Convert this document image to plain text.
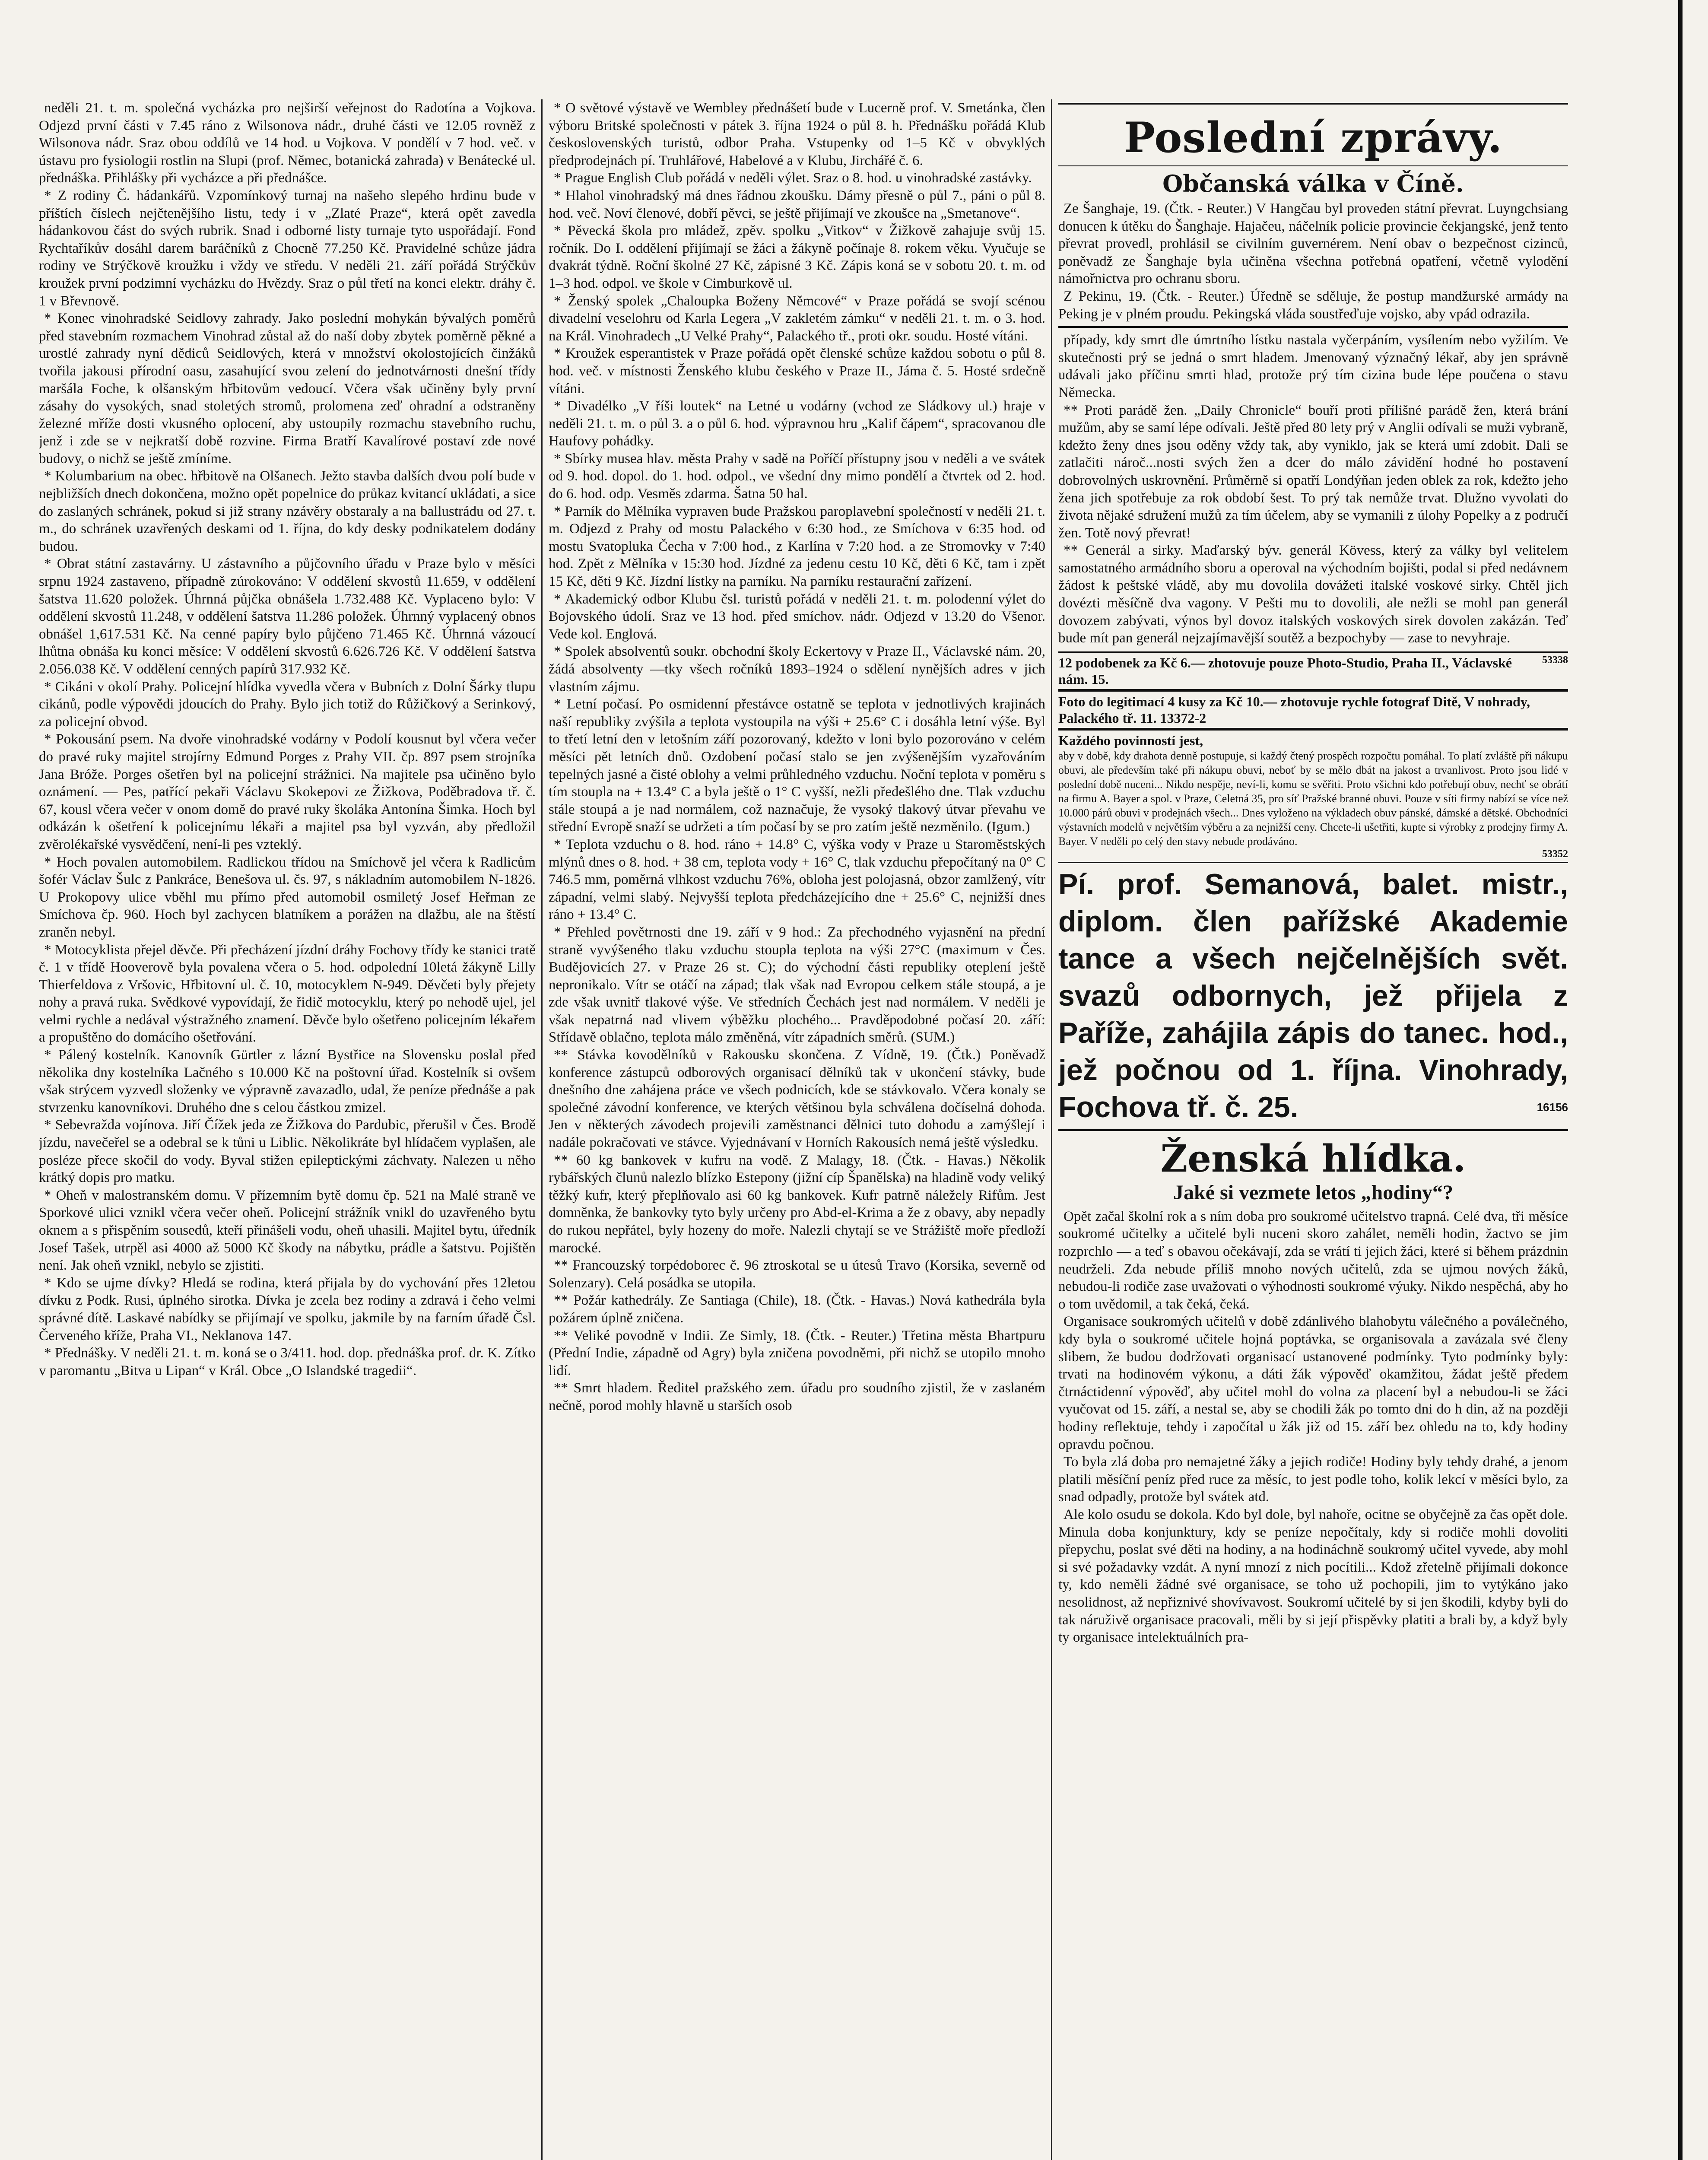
neděli 21. t. m. společná vycházka pro nejširší veřejnost do Radotína a Vojkova. Odjezd první části v 7.45 ráno z Wilsonova nádr., druhé části ve 12.05 rovněž z Wilsonova nádr. Sraz obou oddílů ve 14 hod. u Vojkova. V pondělí v 7 hod. več. v ústavu pro fysiologii rostlin na Slupi (prof. Němec, botanická zahrada) v Benátecké ul. přednáška. Přihlášky při vycházce a při přednášce.

* Z rodiny Č. hádankářů. Vzpomínkový turnaj na našeho slepého hrdinu bude v příštích číslech nejčtenějšího listu, tedy i v „Zlaté Praze“, která opět zavedla hádankovou část do svých rubrik. Snad i odborné listy turnaje tyto uspořádají. Fond Rychtaříkův dosáhl darem baráčníků z Chocně 77.250 Kč. Pravidelné schůze jádra rodiny ve Strýčkově kroužku i vždy ve středu. V neděli 21. září pořádá Strýčkův kroužek první podzimní vycházku do Hvězdy. Sraz o půl třetí na konci elektr. dráhy č. 1 v Břevnově.

* Konec vinohradské Seidlovy zahrady. Jako poslední mohykán bývalých poměrů před stavebním rozmachem Vinohrad zůstal až do naší doby zbytek poměrně pěkné a urostlé zahrady nyní dědiců Seidlových, která v množství okolostojících činžáků tvořila jakousi přírodní oasu, zasahující svou zelení do jednotvárnosti dnešní třídy maršála Foche, k olšanským hřbitovům vedoucí. Včera však učiněny byly první zásahy do vysokých, snad stoletých stromů, prolomena zeď ohradní a odstraněny železné mříže dosti vkusného oplocení, aby ustoupily rozmachu stavebního ruchu, jenž i zde se v nejkratší době rozvine. Firma Bratří Kavalírové postaví zde nové budovy, o nichž se ještě zmíníme.

* Kolumbarium na obec. hřbitově na Olšanech. Ježto stavba dalších dvou polí bude v nejbližších dnech dokončena, možno opět popelnice do průkaz kvitancí ukládati, a sice do zaslaných schránek, pokud si již strany nzávěry obstaraly a na ballustrádu od 27. t. m., do schránek uzavřených deskami od 1. října, do kdy desky podnikatelem dodány budou.

* Obrat státní zastavárny. U zástavního a půjčovního úřadu v Praze bylo v měsíci srpnu 1924 zastaveno, případně zúrokováno: V oddělení skvostů 11.659, v oddělení šatstva 11.620 položek. Úhrnná půjčka obnášela 1.732.488 Kč. Vyplaceno bylo: V oddělení skvostů 11.248, v oddělení šatstva 11.286 položek. Úhrnný vyplacený obnos obnášel 1,617.531 Kč. Na cenné papíry bylo půjčeno 71.465 Kč. Úhrnná vázoucí lhůtna obnáša ku konci měsíce: V oddělení skvostů 6.626.726 Kč. V oddělení šatstva 2.056.038 Kč. V oddělení cenných papírů 317.932 Kč.

* Cikáni v okolí Prahy. Policejní hlídka vyvedla včera v Bubních z Dolní Šárky tlupu cikánů, podle výpovědi jdoucích do Prahy. Bylo jich totiž do Růžičkový a Serinkový, za policejní obvod.

* Pokousání psem. Na dvoře vinohradské vodárny v Podolí kousnut byl včera večer do pravé ruky majitel strojírny Edmund Porges z Prahy VII. čp. 897 psem strojníka Jana Bróže. Porges ošetřen byl na policejní strážnici. Na majitele psa učiněno bylo oznámení. — Pes, patřící pekaři Václavu Skokepovi ze Žižkova, Poděbradova tř. č. 67, kousl včera večer v onom domě do pravé ruky školáka Antonína Šimka. Hoch byl odkázán k ošetření k policejnímu lékaři a majitel psa byl vyzván, aby předložil zvěrolékařské vysvědčení, není-li pes vzteklý.

* Hoch povalen automobilem. Radlickou třídou na Smíchově jel včera k Radlicům šofér Václav Šulc z Pankráce, Benešova ul. čs. 97, s nákladním automobilem N-1826. U Prokopovy ulice vběhl mu přímo před automobil osmiletý Josef Heřman ze Smíchova čp. 960. Hoch byl zachycen blatníkem a porážen na dlažbu, ale na štěstí zraněn nebyl.

* Motocyklista přejel děvče. Při přecházení jízdní dráhy Fochovy třídy ke stanici tratě č. 1 v třídě Hooverově byla povalena včera o 5. hod. odpolední 10letá žákyně Lilly Thierfeldova z Vršovic, Hřbitovní ul. č. 10, motocyklem N-949. Děvčeti byly přejety nohy a pravá ruka. Svědkové vypovídají, že řidič motocyklu, který po nehodě ujel, jel velmi rychle a nedával výstražného znamení. Děvče bylo ošetřeno policejním lékařem a propuštěno do domácího ošetřování.

* Pálený kostelník. Kanovník Gürtler z lázní Bystřice na Slovensku poslal před několika dny kostelníka Lačného s 10.000 Kč na poštovní úřad. Kostelník si ovšem však strýcem vyzvedl složenky ve výpravně zavazadlo, udal, že peníze přednáše a pak stvrzenku kanovníkovi. Druhého dne s celou částkou zmizel.

* Sebevražda vojínova. Jiří Čížek jeda ze Žižkova do Pardubic, přerušil v Čes. Brodě jízdu, navečeřel se a odebral se k tůni u Liblic. Několikráte byl hlídačem vyplašen, ale posléze přece skočil do vody. Byval stižen epileptickými záchvaty. Nalezen u něho krátký dopis pro matku.

* Oheň v malostranském domu. V přízemním bytě domu čp. 521 na Malé straně ve Sporkové ulici vznikl včera večer oheň. Policejní strážník vnikl do uzavřeného bytu oknem a s přispěním sousedů, kteří přinášeli vodu, oheň uhasili. Majitel bytu, úředník Josef Tašek, utrpěl asi 4000 až 5000 Kč škody na nábytku, prádle a šatstvu. Pojištěn není. Jak oheň vznikl, nebylo se zjistiti.

* Kdo se ujme dívky? Hledá se rodina, která přijala by do vychování přes 12letou dívku z Podk. Rusi, úplného sirotka. Dívka je zcela bez rodiny a zdravá i čeho velmi správné dítě. Laskavé nabídky se přijímají ve spolku, jakmile by na farním úřadě Čsl. Červeného kříže, Praha VI., Neklanova 147.

* Přednášky. V neděli 21. t. m. koná se o 3/411. hod. dop. přednáška prof. dr. K. Zítko v paromantu „Bitva u Lipan“ v Král. Obce „O Islandské tragedii“.

* O světové výstavě ve Wembley přednášetí bude v Lucerně prof. V. Smetánka, člen výboru Britské společnosti v pátek 3. října 1924 o půl 8. h. Přednášku pořádá Klub československých turistů, odbor Praha. Vstupenky od 1–5 Kč v obvyklých předprodejnách pí. Truhlářové, Habelové a v Klubu, Jirchářé č. 6.

* Prague English Club pořádá v neděli výlet. Sraz o 8. hod. u vinohradské zastávky.

* Hlahol vinohradský má dnes řádnou zkoušku. Dámy přesně o půl 7., páni o půl 8. hod. več. Noví členové, dobří pěvci, se ještě přijímají ve zkoušce na „Smetanove“.

* Pěvecká škola pro mládež, zpěv. spolku „Vitkov“ v Žižkově zahajuje svůj 15. ročník. Do I. oddělení přijímají se žáci a žákyně počínaje 8. rokem věku. Vyučuje se dvakrát týdně. Roční školné 27 Kč, zápisné 3 Kč. Zápis koná se v sobotu 20. t. m. od 1–3 hod. odpol. ve škole v Cimburkově ul.

* Ženský spolek „Chaloupka Boženy Němcové“ v Praze pořádá se svojí scénou divadelní veselohru od Karla Legera „V zakletém zámku“ v neděli 21. t. m. o 3. hod. na Král. Vinohradech „U Velké Prahy“, Palackého tř., proti okr. soudu. Hosté vítáni.

* Kroužek esperantistek v Praze pořádá opět členské schůze každou sobotu o půl 8. hod. več. v místnosti Ženského klubu českého v Praze II., Jáma č. 5. Hosté srdečně vítáni.

* Divadélko „V říši loutek“ na Letné u vodárny (vchod ze Sládkovy ul.) hraje v neděli 21. t. m. o půl 3. a o půl 6. hod. výpravnou hru „Kalif čápem“, spracovanou dle Haufovy pohádky.

* Sbírky musea hlav. města Prahy v sadě na Poříčí přístupny jsou v neděli a ve svátek od 9. hod. dopol. do 1. hod. odpol., ve všední dny mimo pondělí a čtvrtek od 2. hod. do 6. hod. odp. Vesměs zdarma. Šatna 50 hal.

* Parník do Mělníka vypraven bude Pražskou paroplavební společností v neděli 21. t. m. Odjezd z Prahy od mostu Palackého v 6:30 hod., ze Smíchova v 6:35 hod. od mostu Svatopluka Čecha v 7:00 hod., z Karlína v 7:20 hod. a ze Stromovky v 7:40 hod. Zpět z Mělníka v 15:30 hod. Jízdné za jedenu cestu 10 Kč, děti 6 Kč, tam i zpět 15 Kč, děti 9 Kč. Jízdní lístky na parníku. Na parníku restaurační zařízení.

* Akademický odbor Klubu čsl. turistů pořádá v neděli 21. t. m. polodenní výlet do Bojovského údolí. Sraz ve 13 hod. před smíchov. nádr. Odjezd v 13.20 do Všenor. Vede kol. Englová.

* Spolek absolventů soukr. obchodní školy Eckertovy v Praze II., Václavské nám. 20, žádá absolventy —tky všech ročníků 1893–1924 o sdělení nynějších adres v jich vlastním zájmu.

* Letní počasí. Po osmidenní přestávce ostatně se teplota v jednotlivých krajinách naší republiky zvýšila a teplota vystoupila na výši + 25.6° C i dosáhla letní výše. Byl to třetí letní den v letošním září pozorovaný, kdežto v loni bylo pozorováno v celém měsíci pět letních dnů. Ozdobení počasí stalo se jen zvýšenějším vyzařováním tepelných jasné a čisté oblohy a velmi průhledného vzduchu. Noční teplota v poměru s tím stoupla na + 13.4° C a byla ještě o 1° C vyšší, nežli předešlého dne. Tlak vzduchu stále stoupá a je nad normálem, což naznačuje, že vysoký tlakový útvar převahu ve střední Evropě snaží se udržeti a tím počasí by se pro zatím ještě nezměnilo. (Igum.)

* Teplota vzduchu o 8. hod. ráno + 14.8° C, výška vody v Praze u Staroměstských mlýnů dnes o 8. hod. + 38 cm, teplota vody + 16° C, tlak vzduchu přepočítaný na 0° C 746.5 mm, poměrná vlhkost vzduchu 76%, obloha jest polojasná, obzor zamlžený, vítr západní, velmi slabý. Nejvyšší teplota předcházejícího dne + 25.6° C, nejnižší dnes ráno + 13.4° C.

* Přehled povětrnosti dne 19. září v 9 hod.: Za přechodného vyjasnění na přední straně vyvýšeného tlaku vzduchu stoupla teplota na výši 27°C (maximum v Čes. Budějovicích 27. v Praze 26 st. C); do východní části republiky oteplení ještě nepronikalo. Vítr se otáčí na západ; tlak však nad Evropou celkem stále stoupá, a je zde však uvnitř tlakové výše. Ve středních Čechách jest nad normálem. V neděli je však nepatrná nad vlivem výběžku plochého... Pravděpodobné počasí 20. září: Střídavě oblačno, teplota málo změněná, vítr západních směrů. (SUM.)

** Stávka kovodělníků v Rakousku skončena. Z Vídně, 19. (Čtk.) Poněvadž konference zástupců odborových organisací dělníků tak v ukončení stávky, bude dnešního dne zahájena práce ve všech podnicích, kde se stávkovalo. Včera konaly se společné závodní konference, ve kterých většinou byla schválena dočíselná dohoda. Jen v některých závodech projevili zaměstnanci dělnici tuto dohodu a zamýšlejí i nadále pokračovati ve stávce. Vyjednávaní v Horních Rakousích nemá ještě výsledku.

** 60 kg bankovek v kufru na vodě. Z Malagy, 18. (Čtk. - Havas.) Několik rybářských člunů nalezlo blízko Estepony (jižní cíp Španělska) na hladině vody veliký těžký kufr, který přeplňovalo asi 60 kg bankovek. Kufr patrně náležely Rifům. Jest domněnka, že bankovky tyto byly určeny pro Abd-el-Krima a že z obavy, aby nepadly do rukou nepřátel, byly hozeny do moře. Nalezli chytají se ve Strážiště moře předloží marocké.

** Francouzský torpédoborec č. 96 ztroskotal se u útesů Travo (Korsika, severně od Solenzary). Celá posádka se utopila.

** Požár kathedrály. Ze Santiaga (Chile), 18. (Čtk. - Havas.) Nová kathedrála byla požárem úplně zničena.

** Veliké povodně v Indii. Ze Simly, 18. (Čtk. - Reuter.) Třetina města Bhartpuru (Přední Indie, západně od Agry) byla zničena povodněmi, při nichž se utopilo mnoho lidí.

** Smrt hladem. Ředitel pražského zem. úřadu pro soudního zjistil, že v zaslaném nečně, porod mohly hlavně u starších osob

Poslední zprávy.
Občanská válka v Číně.

Ze Šanghaje, 19. (Čtk. - Reuter.) V Hangčau byl proveden státní převrat. Luyngchsiang donucen k útěku do Šanghaje. Hajačeu, náčelník policie provincie čekjangské, jenž tento převrat provedl, prohlásil se civilním guvernérem. Není obav o bezpečnost cizinců, poněvadž ze Šanghaje byla učiněna všechna potřebná opatření, včetně vylodění námořnictva pro ochranu sboru.

Z Pekinu, 19. (Čtk. - Reuter.) Úředně se sděluje, že postup mandžurské armády na Peking je v plném proudu. Pekingská vláda soustřeďuje vojsko, aby vpád odrazila.

případy, kdy smrt dle úmrtního lístku nastala vyčerpáním, vysílením nebo vyžilím. Ve skutečnosti prý se jedná o smrt hladem. Jmenovaný význačný lékař, aby jen správně udávali jako příčinu smrti hlad, protože prý tím cizina bude lépe poučena o stavu Německa.

** Proti parádě žen. „Daily Chronicle“ bouří proti přílišné parádě žen, která brání mužům, aby se samí lépe odívali. Ještě před 80 lety prý v Anglii odívali se muži vybraně, kdežto ženy dnes jsou oděny vždy tak, aby vyniklo, jak se která umí zdobit. Dali se zatlačiti nároč...nosti svých žen a dcer do málo závidění hodné ho postavení dobrovolných uskrovnění. Průměrně si opatří Londýňan jeden oblek za rok, kdežto jeho žena jich spotřebuje za rok období šest. To prý tak nemůže trvat. Dlužno vyvolati do života nějaké sdružení mužů za tím účelem, aby se vymanili z úlohy Popelky a z područí žen. Totě nový převrat!

** Generál a sirky. Maďarský býv. generál Kövess, který za války byl velitelem samostatného armádního sboru a operoval na východním bojišti, podal si před nedávnem žádost k peštské vládě, aby mu dovolila dovážeti italské voskové sirky. Chtěl jich dovézti měsíčně dva vagony. V Pešti mu to dovolili, ale nežli se mohl pan generál dovozem zabývati, výnos byl dovoz italských voskových sirek dovolen zakázán. Teď bude mít pan generál nejzajímavější soutěž a bezpochyby — zase to nevyhraje.

53338

12 podobenek za Kč 6.— zhotovuje pouze Photo-Studio, Praha II., Václavské nám. 15.

Foto do legitimací 4 kusy za Kč 10.— zhotovuje rychle fotograf Ditě, V nohrady, Palackého tř. 11. 13372-2

Každého povinností jest,

aby v době, kdy drahota denně postupuje, si každý čtený prospěch rozpočtu pomáhal. To platí zvláště při nákupu obuvi, ale především také při nákupu obuvi, neboť by se mělo dbát na jakost a trvanlivost. Proto jsou lidé v poslední době nuceni... Nikdo nespěje, neví-li, komu se svěřiti. Proto všichni kdo potřebují obuv, nechť se obrátí na firmu A. Bayer a spol. v Praze, Celetná 35, pro síť Pražské branné obuvi. Pouze v síti firmy nabízí se více než 10.000 párů obuvi v prodejnách všech... Dnes vyloženo na výkladech obuv pánské, dámské a dětské. Obchodníci výstavních modelů v největším výběru a za nejnižší ceny. Chcete-li ušetřiti, kupte si výrobky z prodejny firmy A. Bayer. V neděli po celý den stavy nebude prodáváno.

53352
Pí. prof. Semanová, balet. mistr., diplom. člen pařížské Akademie tance a všech nejčelnějších svět. svazů odbornych, jež přijela z Paříže, zahájila zápis do tanec. hod., jež počnou od 1. října. Vinohrady, Fochova tř. č. 25.	16156
Ženská hlídka.
Jaké si vezmete letos „hodiny“?

Opět začal školní rok a s ním doba pro soukromé učitelstvo trapná. Celé dva, tři měsíce soukromé učitelky a učitelé byli nuceni skoro zahálet, neměli hodin, žactvo se jim rozprchlo — a teď s obavou očekávají, zda se vrátí ti jejich žáci, které si během prázdnin neudrželi. Zda nebude příliš mnoho nových učitelů, zda se ujmou nových žáků, nebudou-li rodiče zase uvažovati o výhodnosti soukromé výuky. Nikdo nespěchá, aby ho o tom uvědomil, a tak čeká, čeká.

Organisace soukromých učitelů v době zdánlivého blahobytu válečného a poválečného, kdy byla o soukromé učitele hojná poptávka, se organisovala a zavázala své členy slibem, že budou dodržovati organisací ustanovené podmínky. Tyto podmínky byly: trvati na hodinovém výkonu, a dáti žák výpověď okamžitou, žádat ještě předem čtrnáctidenní výpověď, aby učitel mohl do volna za placení byl a nebudou-li se žáci vyučovat od 15. září, a nestal se, aby se chodili žák po tomto dni do h din, až na později hodiny reflektuje, tehdy i započítal u žák již od 15. září bez ohledu na to, kdy hodiny opravdu počnou.

To byla zlá doba pro nemajetné žáky a jejich rodiče! Hodiny byly tehdy drahé, a jenom platili měsíční peníz před ruce za měsíc, to jest podle toho, kolik lekcí v měsíci bylo, za snad odpadly, protože byl svátek atd.

Ale kolo osudu se dokola. Kdo byl dole, byl nahoře, ocitne se obyčejně za čas opět dole. Minula doba konjunktury, kdy se peníze nepočítaly, kdy si rodiče mohli dovoliti přepychu, poslat své děti na hodiny, a na hodináchně soukromý učitel vyvede, aby mohl si své požadavky vzdát. A nyní mnozí z nich pocítili... Kdož zřetelně přijímali dokonce ty, kdo neměli žádné své organisace, se toho už pochopili, jim to vytýkáno jako nesolidnost, až nepřiznivé shovívavost. Soukromí učitelé by si jen škodili, kdyby byli do tak náruživě organisace pracovali, měli by si její přispěvky platiti a brali by, a když byly ty organisace intelektuálních pra-
